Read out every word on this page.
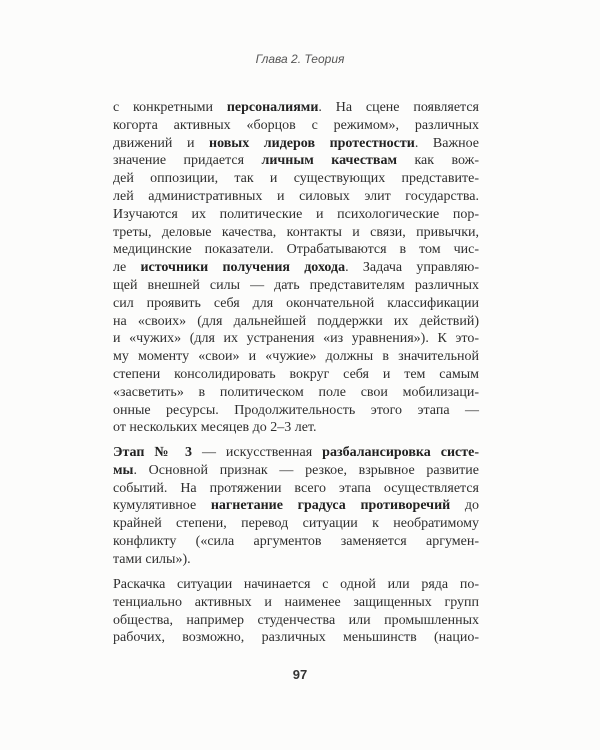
Глава 2. Теория
с конкретными персоналиями. На сцене появляется
когорта активных «борцов с режимом», различных
движений и новых лидеров протестности. Важное
значение придается личным качествам как вож-
дей оппозиции, так и существующих представите-
лей административных и силовых элит государства.
Изучаются их политические и психологические пор-
треты, деловые качества, контакты и связи, привычки,
медицинские показатели. Отрабатываются в том чис-
ле источники получения дохода. Задача управляю-
щей внешней силы — дать представителям различных
сил проявить себя для окончательной классификации
на «своих» (для дальнейшей поддержки их действий)
и «чужих» (для их устранения «из уравнения»). К это-
му моменту «свои» и «чужие» должны в значительной
степени консолидировать вокруг себя и тем самым
«засветить» в политическом поле свои мобилизаци-
онные ресурсы. Продолжительность этого этапа —
от нескольких месяцев до 2–3 лет.
Этап № 3 — искусственная разбалансировка систе-
мы. Основной признак — резкое, взрывное развитие
событий. На протяжении всего этапа осуществляется
кумулятивное нагнетание градуса противоречий до
крайней степени, перевод ситуации к необратимому
конфликту («сила аргументов заменяется аргумен-
тами силы»).
Раскачка ситуации начинается с одной или ряда по-
тенциально активных и наименее защищенных групп
общества, например студенчества или промышленных
рабочих, возможно, различных меньшинств (нацио-
97
